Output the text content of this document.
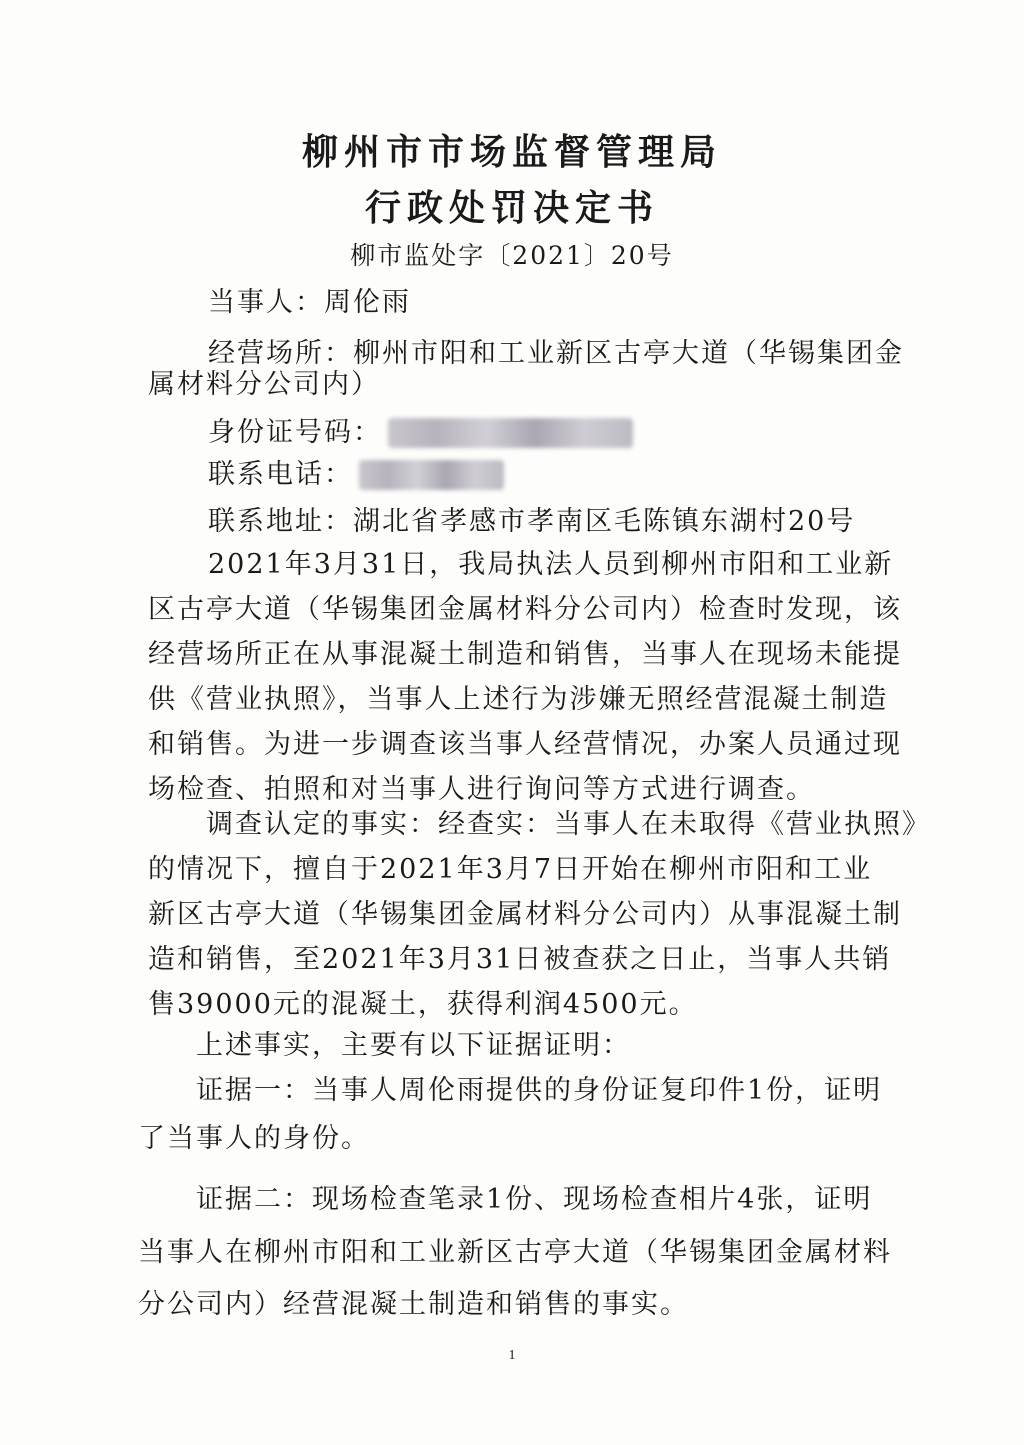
柳州市市场监督管理局
行政处罚决定书
柳市监处字〔2021〕20号
当事人：周伦雨
经营场所：柳州市阳和工业新区古亭大道（华锡集团金
属材料分公司内）
身份证号码：
联系电话：
联系地址：湖北省孝感市孝南区毛陈镇东湖村20号
2021年3月31日，我局执法人员到柳州市阳和工业新
区古亭大道（华锡集团金属材料分公司内）检查时发现，该
经营场所正在从事混凝土制造和销售，当事人在现场未能提
供《营业执照》，当事人上述行为涉嫌无照经营混凝土制造
和销售。为进一步调查该当事人经营情况，办案人员通过现
场检查、拍照和对当事人进行询问等方式进行调查。
调查认定的事实：经查实：当事人在未取得《营业执照》
的情况下，擅自于2021年3月7日开始在柳州市阳和工业
新区古亭大道（华锡集团金属材料分公司内）从事混凝土制
造和销售，至2021年3月31日被查获之日止，当事人共销
售39000元的混凝土，获得利润4500元。
上述事实，主要有以下证据证明：
证据一：当事人周伦雨提供的身份证复印件1份，证明
了当事人的身份。
证据二：现场检查笔录1份、现场检查相片4张，证明
当事人在柳州市阳和工业新区古亭大道（华锡集团金属材料
分公司内）经营混凝土制造和销售的事实。
1
